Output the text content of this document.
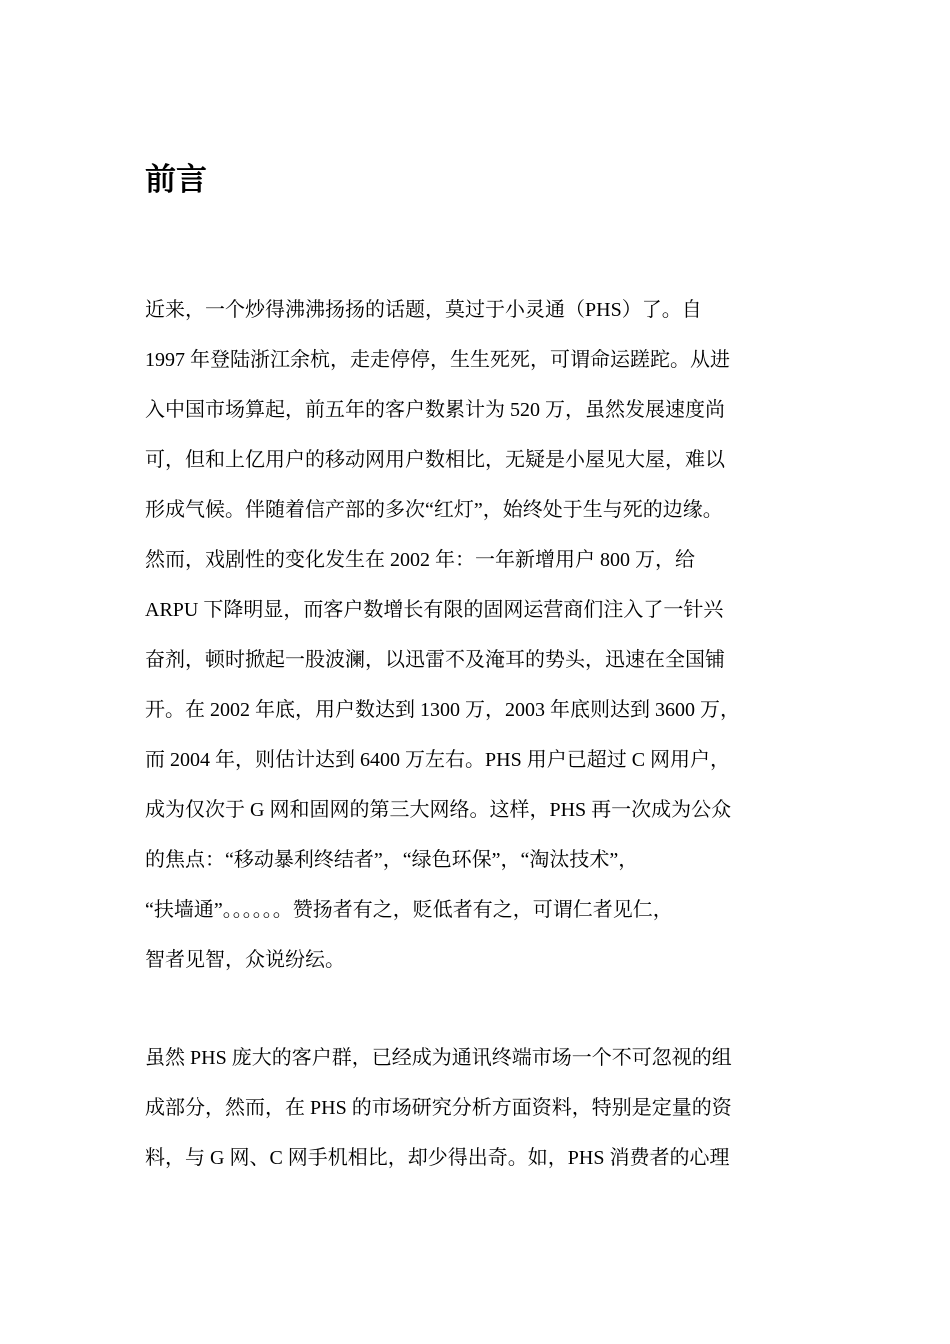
前言

近来，一个炒得沸沸扬扬的话题，莫过于小灵通（PHS）了。自

1997 年登陆浙江余杭，走走停停，生生死死，可谓命运蹉跎。从进

入中国市场算起，前五年的客户数累计为 520 万，虽然发展速度尚

可，但和上亿用户的移动网用户数相比，无疑是小屋见大屋，难以

形成气候。伴随着信产部的多次“红灯”，始终处于生与死的边缘。

然而，戏剧性的变化发生在 2002 年：一年新增用户 800 万，给

ARPU 下降明显，而客户数增长有限的固网运营商们注入了一针兴

奋剂，顿时掀起一股波澜，以迅雷不及淹耳的势头，迅速在全国铺

开。在 2002 年底，用户数达到 1300 万，2003 年底则达到 3600 万，

而 2004 年，则估计达到 6400 万左右。PHS 用户已超过 C 网用户，

成为仅次于 G 网和固网的第三大网络。这样，PHS 再一次成为公众

的焦点：“移动暴利终结者”，“绿色环保”，“淘汰技术”，

“扶墙通”。。。。。。赞扬者有之，贬低者有之，可谓仁者见仁，

智者见智，众说纷纭。

虽然 PHS 庞大的客户群，已经成为通讯终端市场一个不可忽视的组

成部分，然而，在 PHS 的市场研究分析方面资料，特别是定量的资

料，与 G 网、C 网手机相比，却少得出奇。如，PHS 消费者的心理
